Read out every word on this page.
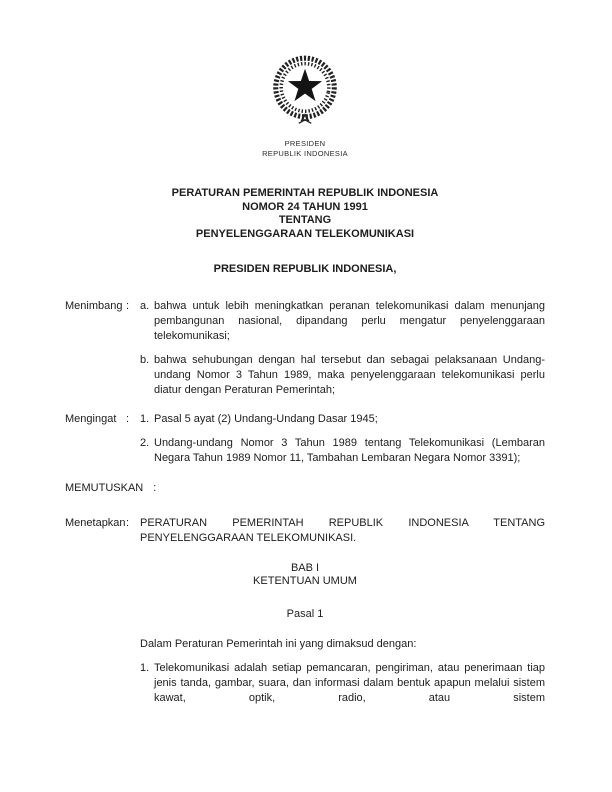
PRESIDEN
REPUBLIK INDONESIA
PERATURAN PEMERINTAH REPUBLIK INDONESIA
NOMOR 24 TAHUN 1991
TENTANG
PENYELENGGARAAN TELEKOMUNIKASI
PRESIDEN REPUBLIK INDONESIA,
Menimbang : a. bahwa untuk lebih meningkatkan peranan telekomunikasi dalam menunjang pembangunan nasional, dipandang perlu mengatur penyelenggaraan telekomunikasi;
b. bahwa sehubungan dengan hal tersebut dan sebagai pelaksanaan Undang-undang Nomor 3 Tahun 1989, maka penyelenggaraan telekomunikasi perlu diatur dengan Peraturan Pemerintah;
Mengingat : 1. Pasal 5 ayat (2) Undang-Undang Dasar 1945;
2. Undang-undang Nomor 3 Tahun 1989 tentang Telekomunikasi (Lembaran Negara Tahun 1989 Nomor 11, Tambahan Lembaran Negara Nomor 3391);
MEMUTUSKAN :
Menetapkan : PERATURAN PEMERINTAH REPUBLIK INDONESIA TENTANG PENYELENGGARAAN TELEKOMUNIKASI.
BAB I
KETENTUAN UMUM
Pasal 1
Dalam Peraturan Pemerintah ini yang dimaksud dengan:
1. Telekomunikasi adalah setiap pemancaran, pengiriman, atau penerimaan tiap jenis tanda, gambar, suara, dan informasi dalam bentuk apapun melalui sistem kawat, optik, radio, atau sistem
